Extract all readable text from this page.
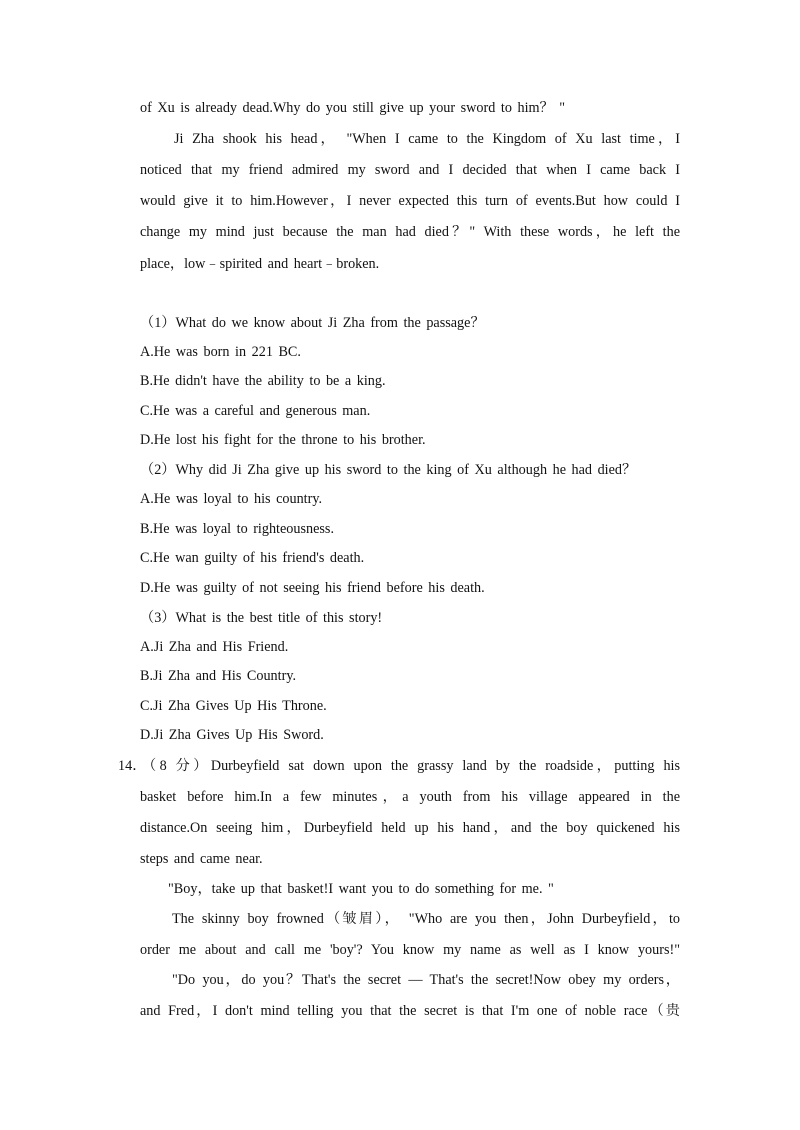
of Xu is already dead.Why do you still give up your sword to him？ "
Ji Zha shook his head， "When I came to the Kingdom of Xu last time，I
noticed that my friend admired my sword and I decided that when I came back I
would give it to him.However，I never expected this turn of events.But how could I
change my mind just because the man had died？" With these words，he left the
place，low﹣spirited and heart﹣broken.
（1）What do we know about Ji Zha from the passage？
A.He was born in 221 BC.
B.He didn't have the ability to be a king.
C.He was a careful and generous man.
D.He lost his fight for the throne to his brother.
（2）Why did Ji Zha give up his sword to the king of Xu although he had died？
A.He was loyal to his country.
B.He was loyal to righteousness.
C.He wan guilty of his friend's death.
D.He was guilty of not seeing his friend before his death.
（3）What is the best title of this story!
A.Ji Zha and His Friend.
B.Ji Zha and His Country.
C.Ji Zha Gives Up His Throne.
D.Ji Zha Gives Up His Sword.
14．
（8 分）Durbeyfield sat down upon the grassy land by the roadside，putting his
basket before him.In a few minutes，a youth from his village appeared in the
distance.On seeing him，Durbeyfield held up his hand，and the boy quickened his
steps and came near.
"Boy，take up that basket!I want you to do something for me. "
The skinny boy frowned（皱眉）， "Who are you then，John Durbeyfield，to
order me about and call me 'boy'? You know my name as well as I know yours!"
"Do you，do you？That's the secret — That's the secret!Now obey my orders，
and Fred，I don't mind telling you that the secret is that I'm one of noble race（贵
